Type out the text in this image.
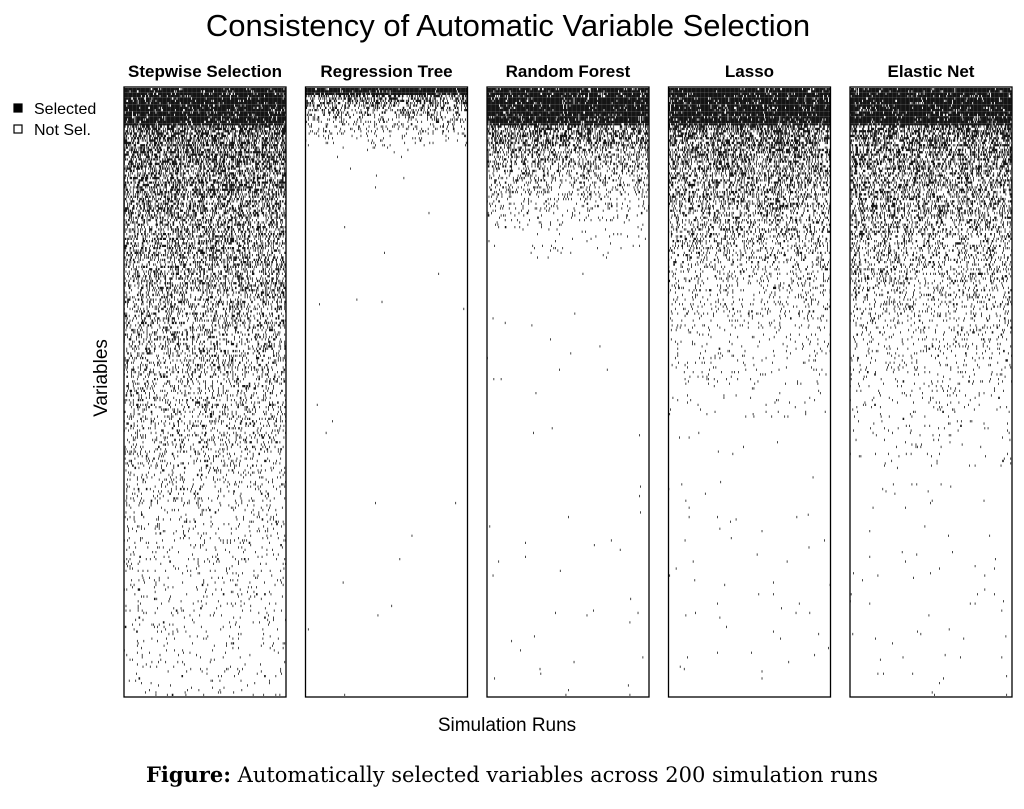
Consistency of Automatic Variable Selection
Selected
Not Sel.
Stepwise Selection Regression Tree	Random Forest	Lasso	Elastic Net
Variables
Simulation Runs
Figure: Automatically selected variables across 200 simulation runs
